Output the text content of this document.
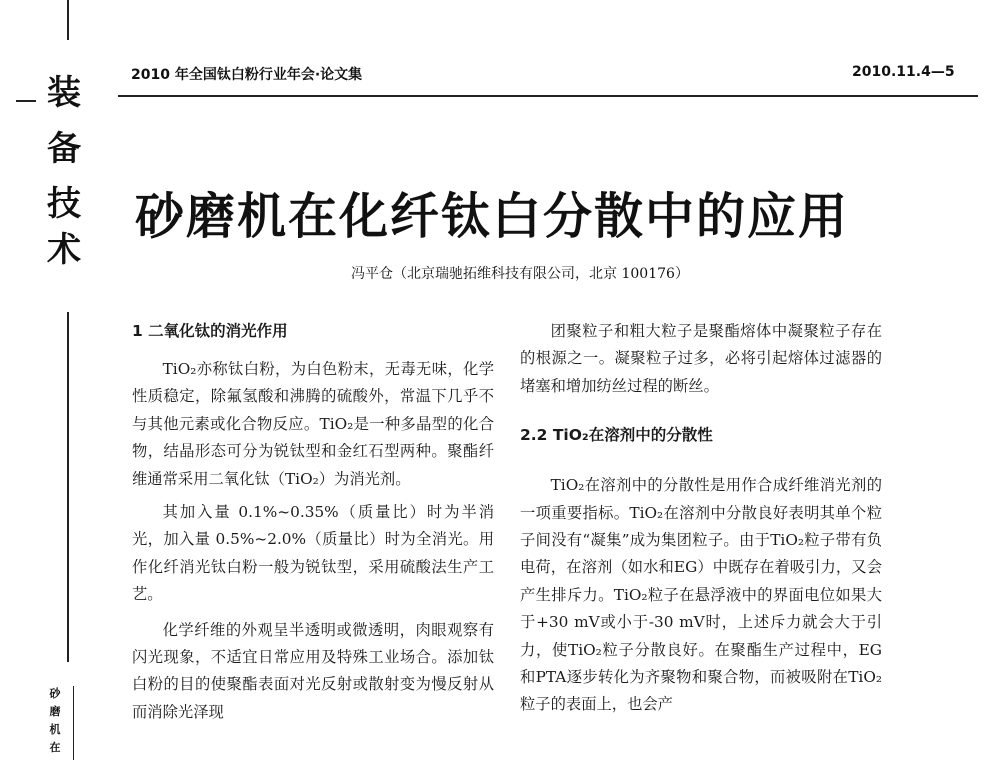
装
备
技
术
砂
磨
机
在
2010 年全国钛白粉行业年会·论文集	2010.11.4—5
砂磨机在化纤钛白分散中的应用
冯平仓（北京瑞驰拓维科技有限公司，北京 100176）
1 二氧化钛的消光作用

TiO₂亦称钛白粉，为白色粉末，无毒无味，化学性质稳定，除氟氢酸和沸腾的硫酸外，常温下几乎不与其他元素或化合物反应。TiO₂是一种多晶型的化合物，结晶形态可分为锐钛型和金红石型两种。聚酯纤维通常采用二氧化钛（TiO₂）为消光剂。

其加入量 0.1%~0.35%（质量比）时为半消光，加入量 0.5%~2.0%（质量比）时为全消光。用作化纤消光钛白粉一般为锐钛型，采用硫酸法生产工艺。

化学纤维的外观呈半透明或微透明，肉眼观察有闪光现象，不适宜日常应用及特殊工业场合。添加钛白粉的目的使聚酯表面对光反射或散射变为慢反射从而消除光泽现

团聚粒子和粗大粒子是聚酯熔体中凝聚粒子存在的根源之一。凝聚粒子过多，必将引起熔体过滤器的堵塞和增加纺丝过程的断丝。

2.2 TiO₂在溶剂中的分散性

TiO₂在溶剂中的分散性是用作合成纤维消光剂的一项重要指标。TiO₂在溶剂中分散良好表明其单个粒子间没有“凝集”成为集团粒子。由于TiO₂粒子带有负电荷，在溶剂（如水和EG）中既存在着吸引力，又会产生排斥力。TiO₂粒子在悬浮液中的界面电位如果大于+30 mV或小于-30 mV时，上述斥力就会大于引力，使TiO₂粒子分散良好。在聚酯生产过程中，EG和PTA逐步转化为齐聚物和聚合物，而被吸附在TiO₂粒子的表面上，也会产
